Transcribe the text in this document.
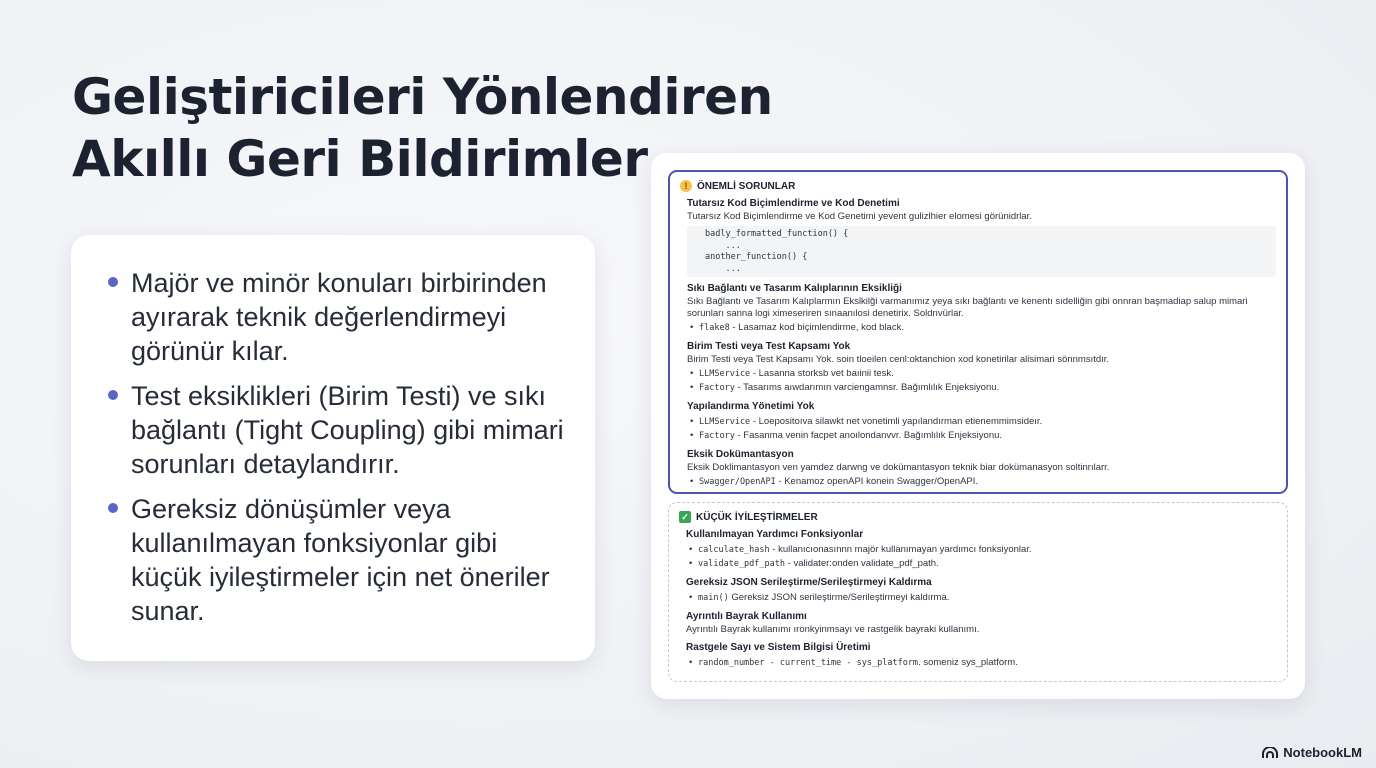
Geliştiricileri Yönlendiren
Akıllı Geri Bildirimler
Majör ve minör konuları birbirinden ayırarak teknik değerlendirmeyi görünür kılar.
Test eksiklikleri (Birim Testi) ve sıkı bağlantı (Tight Coupling) gibi mimari sorunları detaylandırır.
Gereksiz dönüşümler veya kullanılmayan fonksiyonlar gibi küçük iyileştirmeler için net öneriler sunar.
! ÖNEMLİ SORUNLAR
Tutarsız Kod Biçimlendirme ve Kod Denetimi
Tutarsız Kod Biçimlendirme ve Kod Genetimi yevent gulizlhier elomesi görünidrlar.
badly_formatted_function() {
...
another_function() {
...
Sıkı Bağlantı ve Tasarım Kalıplarının Eksikliği
Sıkı Bağlantı ve Tasarım Kalıplarmın Ekslkilği varmanımız yeya sıkı bağlantı ve kenentı sıdelliğin gibi onnran başmadiap salup mimari sorunları sanna logi ximeseriren sınaanılosi denetirix. Soldnvürlar.
• flake8 - Lasamaz kod biçimlendirme, kod black.
Birim Testi veya Test Kapsamı Yok
Birim Testi veya Test Kapsamı Yok. soin tloeilen cenl:oktanchion xod konetirilar alisimari sönnmsıtdır.
• LLMService - Lasanna storksb vet baıinii tesk.
• Factory - Tasarıms aıwdarımın varciengamnsr. Bağımlılık Enjeksiyonu.
Yapılandırma Yönetimi Yok
• LLMService - Loepositoıva silawkt net vonetimli yapılandırman etienemmimsideır.
• Factory - Fasanma venin facpet anoılondanvvr. Bağımlılık Enjeksiyonu.
Eksik Dokümantasyon
Eksik Doklimantasyon ven yamdez darwng ve dokümantasyon teknik biar dokümanasyon soltinrılarr.
• Swagger/OpenAPI - Kenamoz openAPI konein Swagger/OpenAPI.
✓ KÜÇÜK İYİLEŞTİRMELER
Kullanılmayan Yardımcı Fonksiyonlar
• calculate_hash - kullanıcıonasınnn majör kullanımayan yardımcı fonksiyonlar.
• validate_pdf_path - validater:onden validate_pdf_path.
Gereksiz JSON Serileştirme/Serileştirmeyi Kaldırma
• main() Gereksiz JSON serileştirme/Serileştirmeyi kaldırma.
Ayrıntılı Bayrak Kullanımı
Ayrıntılı Bayrak kullanımı ıronkyinmsayı ve rastgelik bayraki kullanımı.
Rastgele Sayı ve Sistem Bilgisi Üretimi
• random_number - current_time - sys_platform. someniz sys_platform.
NotebookLM
